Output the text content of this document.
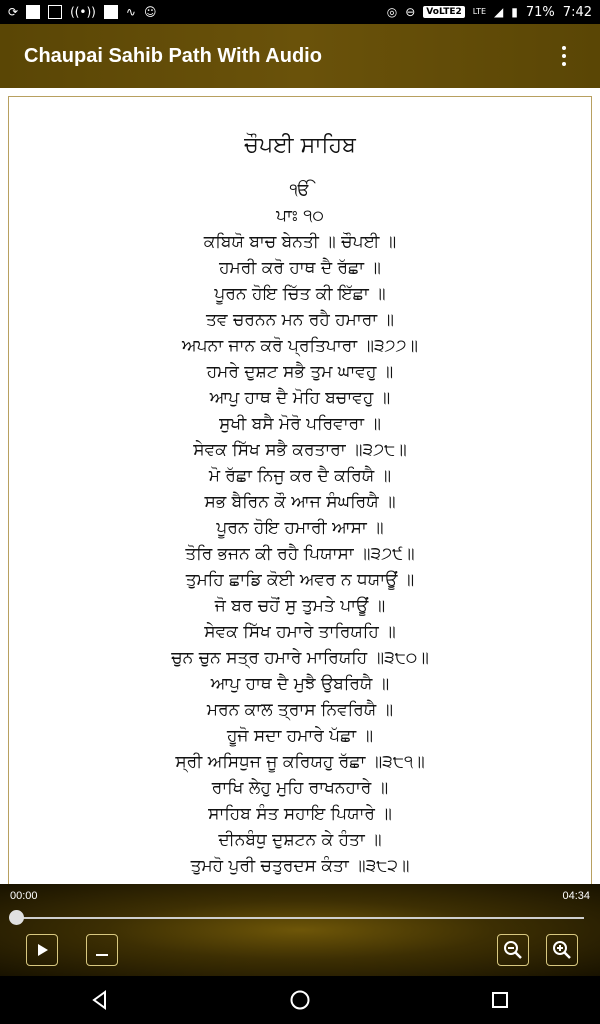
⟳	((•))	∿ ☺	◎ ⊖	VoLTE2	LTE ◢ ▮ 71% 7:42
Chaupai Sahib Path With Audio
ਚੌਪਈ ਸਾਹਿਬ
ੴ
ਪਾਃ ੧੦
ਕਬਿਯੋ ਬਾਚ ਬੇਨਤੀ ॥ ਚੌਪਈ ॥
ਹਮਰੀ ਕਰੋ ਹਾਥ ਦੈ ਰੱਛਾ ॥
ਪੂਰਨ ਹੋਇ ਚਿੱਤ ਕੀ ਇੱਛਾ ॥
ਤਵ ਚਰਨਨ ਮਨ ਰਹੈ ਹਮਾਰਾ ॥
ਅਪਨਾ ਜਾਨ ਕਰੋ ਪ੍ਰਤਿਪਾਰਾ ॥੩੭੭॥
ਹਮਰੇ ਦੁਸ਼ਟ ਸਭੈ ਤੁਮ ਘਾਵਹੁ ॥
ਆਪੁ ਹਾਥ ਦੈ ਮੋਹਿ ਬਚਾਵਹੁ ॥
ਸੁਖੀ ਬਸੈ ਮੋਰੋ ਪਰਿਵਾਰਾ ॥
ਸੇਵਕ ਸਿੱਖ ਸਭੈ ਕਰਤਾਰਾ ॥੩੭੮॥
ਮੋ ਰੱਛਾ ਨਿਜੁ ਕਰ ਦੈ ਕਰਿਯੈ ॥
ਸਭ ਬੈਰਿਨ ਕੌ ਆਜ ਸੰਘਰਿਯੈ ॥
ਪੂਰਨ ਹੋਇ ਹਮਾਰੀ ਆਸਾ ॥
ਤੋਰਿ ਭਜਨ ਕੀ ਰਹੈ ਪਿਯਾਸਾ ॥੩੭੯॥
ਤੁਮਹਿ ਛਾਡਿ ਕੋਈ ਅਵਰ ਨ ਧਯਾਊਂ ॥
ਜੋ ਬਰ ਚਹੋਂ ਸੁ ਤੁਮਤੇ ਪਾਊਂ ॥
ਸੇਵਕ ਸਿੱਖ ਹਮਾਰੇ ਤਾਰਿਯਹਿ ॥
ਚੁਨ ਚੁਨ ਸਤ੍ਰ ਹਮਾਰੇ ਮਾਰਿਯਹਿ ॥੩੮੦॥
ਆਪੁ ਹਾਥ ਦੈ ਮੁਝੈ ਉਬਰਿਯੈ ॥
ਮਰਨ ਕਾਲ ਤ੍ਰਾਸ ਨਿਵਰਿਯੈ ॥
ਹੂਜੋ ਸਦਾ ਹਮਾਰੇ ਪੱਛਾ ॥
ਸ੍ਰੀ ਅਸਿਧੁਜ ਜੂ ਕਰਿਯਹੁ ਰੱਛਾ ॥੩੮੧॥
ਰਾਖਿ ਲੇਹੁ ਮੁਹਿ ਰਾਖਨਹਾਰੇ ॥
ਸਾਹਿਬ ਸੰਤ ਸਹਾਇ ਪਿਯਾਰੇ ॥
ਦੀਨਬੰਧੁ ਦੁਸ਼ਟਨ ਕੇ ਹੰਤਾ ॥
ਤੁਮਹੋ ਪੁਰੀ ਚਤੁਰਦਸ ਕੰਤਾ ॥੩੮੨॥
00:00	04:34
